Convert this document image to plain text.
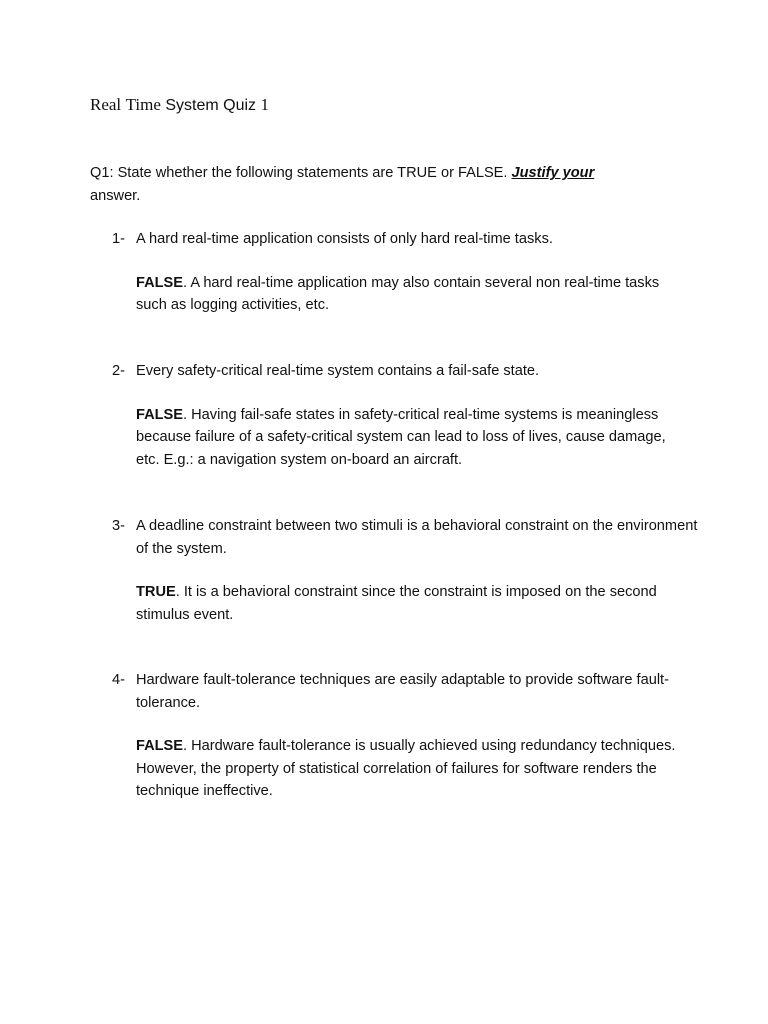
Real Time System Quiz 1
Q1: State whether the following statements are TRUE or FALSE. Justify your
answer.
1- A hard real-time application consists of only hard real-time tasks.
FALSE. A hard real-time application may also contain several non real-time tasks such as logging activities, etc.
2- Every safety-critical real-time system contains a fail-safe state.
FALSE. Having fail-safe states in safety-critical real-time systems is meaningless because failure of a safety-critical system can lead to loss of lives, cause damage, etc. E.g.: a navigation system on-board an aircraft.
3- A deadline constraint between two stimuli is a behavioral constraint on the environment of the system.
TRUE. It is a behavioral constraint since the constraint is imposed on the second stimulus event.
4- Hardware fault-tolerance techniques are easily adaptable to provide software fault-tolerance.
FALSE. Hardware fault-tolerance is usually achieved using redundancy techniques. However, the property of statistical correlation of failures for software renders the technique ineffective.
